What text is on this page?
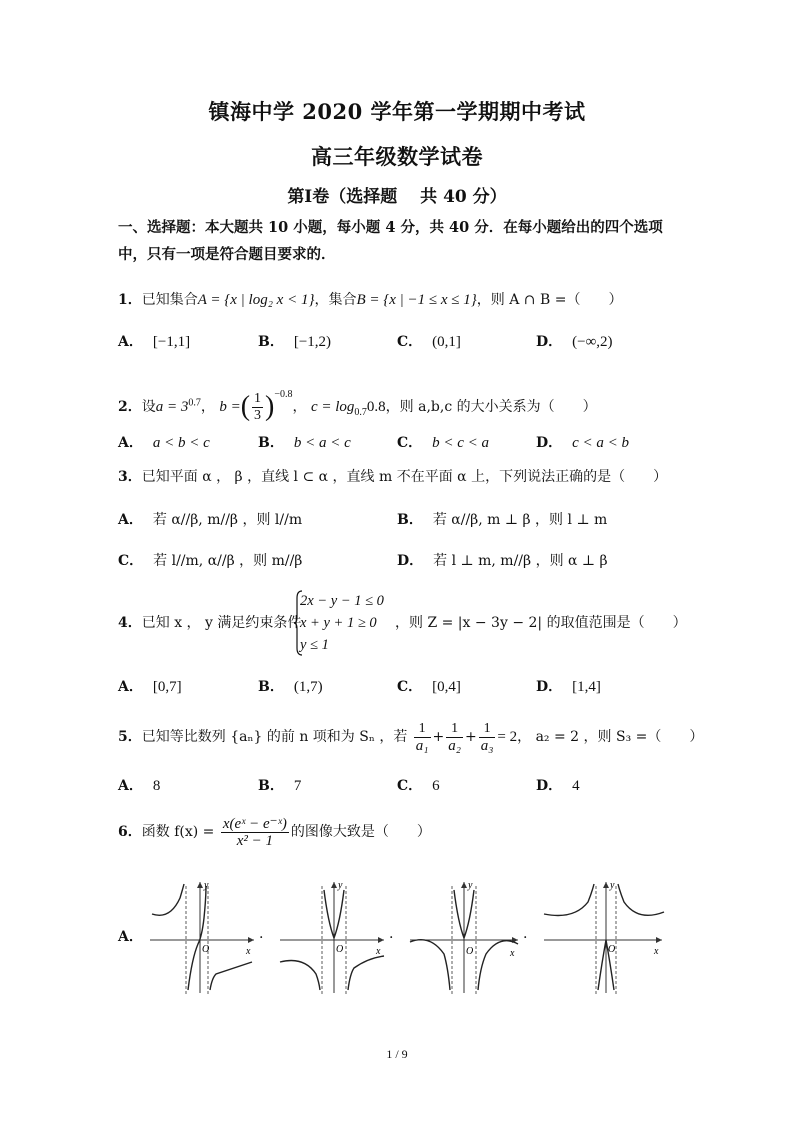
镇海中学 2020 学年第一学期期中考试
高三年级数学试卷
第Ⅰ卷（选择题　 共 40 分）
一、选择题：本大题共 10 小题，每小题 4 分，共 40 分．在每小题给出的四个选项中，只有一项是符合题目要求的．
1．已知集合A = {x | log₂ x < 1}，集合B = {x | −1 ≤ x ≤ 1}，则 A ∩ B =（　　）
A． [−1,1]	B． [−1,2)	C． (0,1]	D． (−∞,2)
2．设$a = 3^{0.7}$， b =( $\frac{1}{3} )^{-0.8}$， $c = \log_{0.7}0.8$，则 a,b,c 的大小关系为（　　）
A． a < b < c	B． b < a < c	C． b < c < a	D． c < a < b
3．已知平面 α ， β ，直线 l ⊂ α ，直线 m 不在平面 α 上，下列说法正确的是（　　）
A． 若 α//β, m//β ，则 l//m	B． 若 α//β, m ⊥ β ，则 l ⊥ m
C． 若 l//m, α//β ，则 m//β	D． 若 l ⊥ m, m//β ，则 α ⊥ β
4．已知 x ， y 满足约束条件
2x − y − 1 ≤ 0
x + y + 1 ≥ 0
y ≤ 1
，则 Z = |x − 3y − 2| 的取值范围是（　　）
A． [0,7]	B． (1,7)	C． [0,4]	D． [1,4]
5．已知等比数列 {aₙ} 的前 n 项和为 Sₙ ，若 $\frac{1}{\text{a₁}} + \frac{1}{\text{a₂}} + \frac{1}{\text{a₃}} = 2$， a₂ = 2 ，则 S₃ =（　　）
A． 8	B． 7	C． 6	D． 4
6．函数 $f(x) = \frac{\text{x(eˣ − e⁻ˣ)}}{\text{x² − 1}}$ 的图像大致是（　　）
A．
O	x
y
.
O	x
y
.
O	x
y
.
O	x
y
1 / 9
